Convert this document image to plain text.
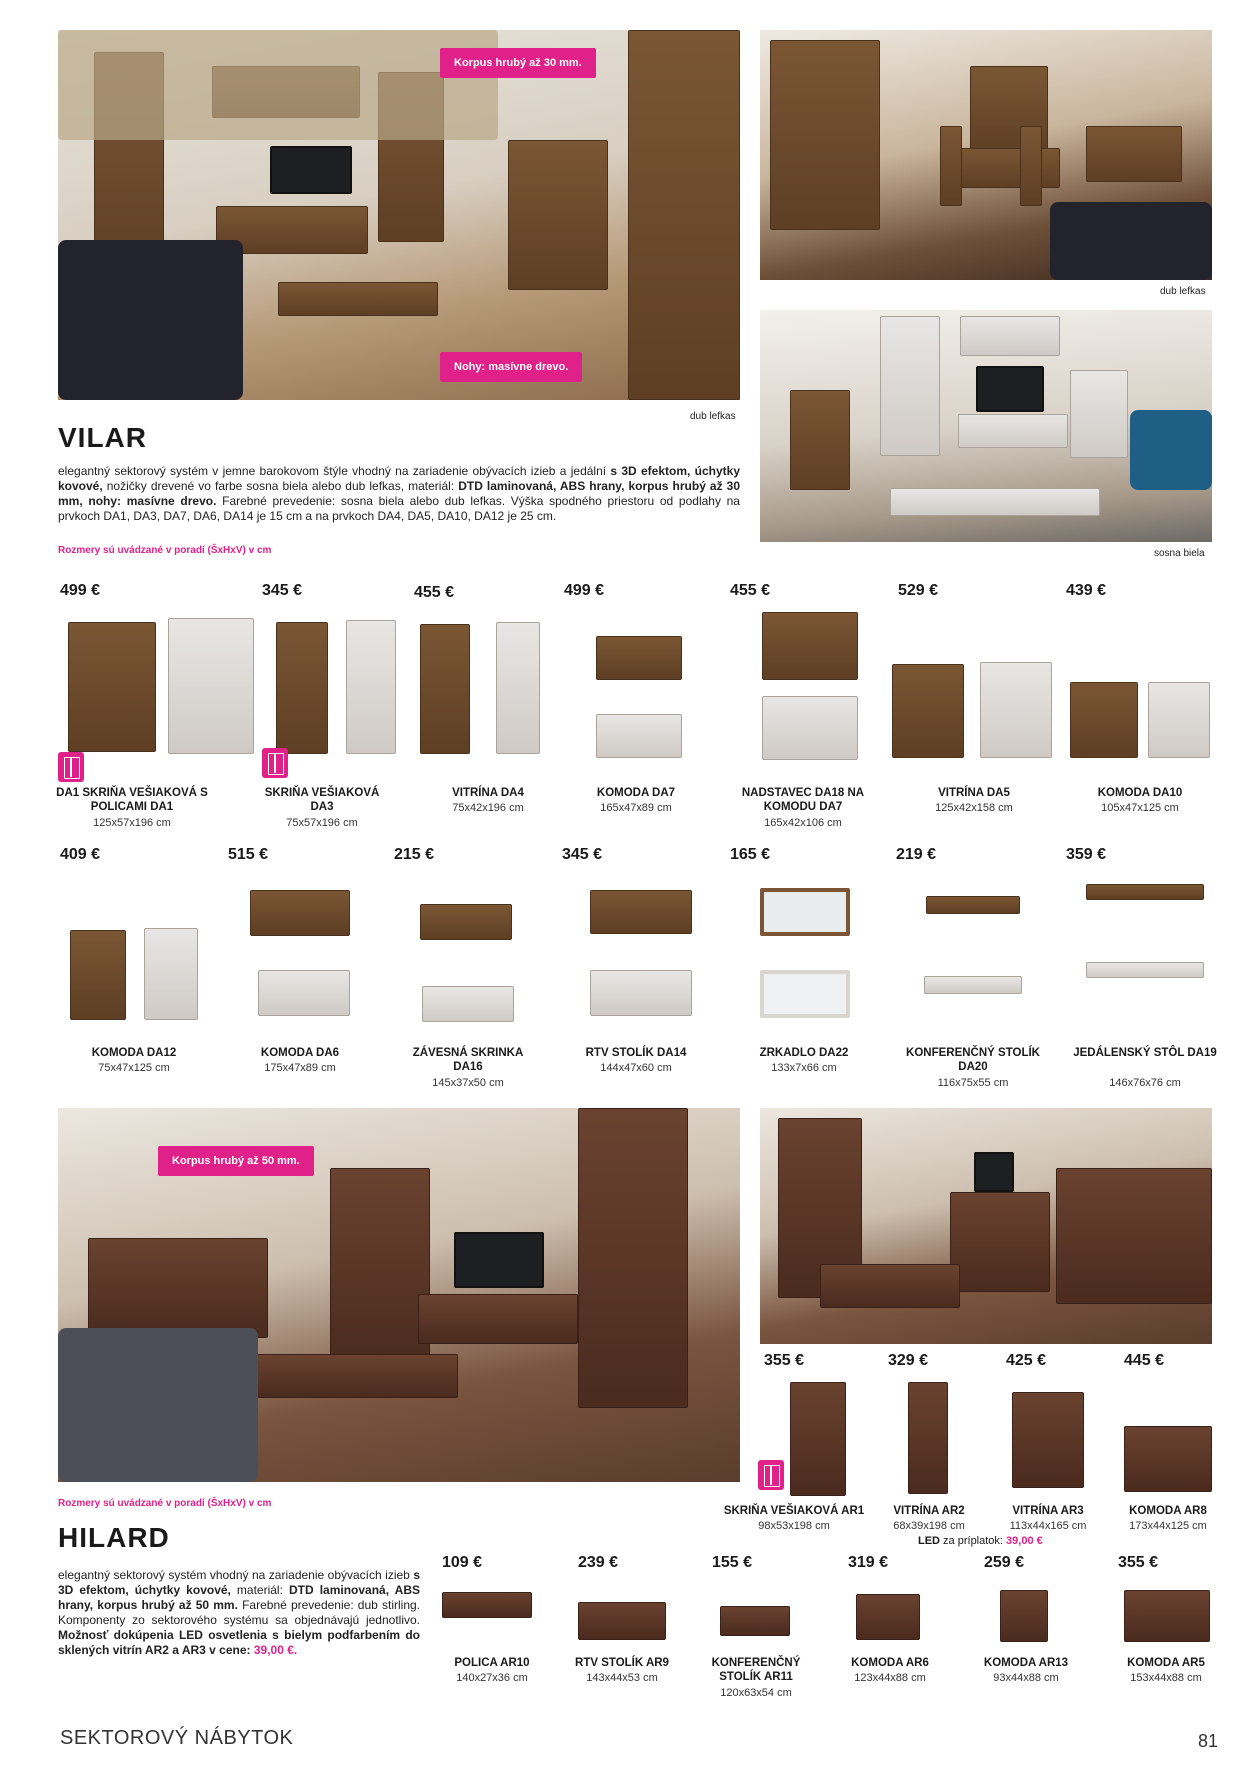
Korpus hrubý až 30 mm.
Nohy: masívne drevo.
dub lefkas
dub lefkas
sosna biela
VILAR
elegantný sektorový systém v jemne barokovom štýle vhodný na zariadenie obývacích izieb a jedální s 3D efektom, úchytky kovové, nožičky drevené vo farbe sosna biela alebo dub lefkas, materiál: DTD laminovaná, ABS hrany, korpus hrubý až 30 mm, nohy: masívne drevo. Farebné prevedenie: sosna biela alebo dub lefkas. Výška spodného priestoru od podlahy na prvkoch DA1, DA3, DA7, DA6, DA14 je 15 cm a na prvkoch DA4, DA5, DA10, DA12 je 25 cm.
Rozmery sú uvádzané v poradí (ŠxHxV) v cm
499 €
DA1 SKRIŇA VEŠIAKOVÁ S POLICAMI DA1
125x57x196 cm
345 €
SKRIŇA VEŠIAKOVÁ DA3
75x57x196 cm
455 €
VITRÍNA DA4
75x42x196 cm
499 €
KOMODA DA7
165x47x89 cm
455 €
NADSTAVEC DA18 NA KOMODU DA7
165x42x106 cm
529 €
VITRÍNA DA5
125x42x158 cm
439 €
KOMODA DA10
105x47x125 cm
409 €
KOMODA DA12
75x47x125 cm
515 €
KOMODA DA6
175x47x89 cm
215 €
ZÁVESNÁ SKRINKA DA16
145x37x50 cm
345 €
RTV STOLÍK DA14
144x47x60 cm
165 €
ZRKADLO DA22
133x7x66 cm
219 €
KONFERENČNÝ STOLÍK DA20
116x75x55 cm
359 €
JEDÁLENSKÝ STÔL DA19
146x76x76 cm
Korpus hrubý až 50 mm.
Rozmery sú uvádzané v poradí (ŠxHxV) v cm
HILARD
elegantný sektorový systém vhodný na zariadenie obývacích izieb s 3D efektom, úchytky kovové, materiál: DTD laminovaná, ABS hrany, korpus hrubý až 50 mm. Farebné prevedenie: dub stirling. Komponenty zo sektorového systému sa objednávajú jednotlivo. Možnosť dokúpenia LED osvetlenia s bielym podfarbením do sklených vitrín AR2 a AR3 v cene: 39,00 €.
355 €
SKRIŇA VEŠIAKOVÁ AR1
98x53x198 cm
329 €
VITRÍNA AR2
68x39x198 cm
425 €
VITRÍNA AR3
113x44x165 cm
445 €
KOMODA AR8
173x44x125 cm
LED za príplatok: 39,00 €
109 €
POLICA AR10
140x27x36 cm
239 €
RTV STOLÍK AR9
143x44x53 cm
155 €
KONFERENČNÝ STOLÍK AR11
120x63x54 cm
319 €
KOMODA AR6
123x44x88 cm
259 €
KOMODA AR13
93x44x88 cm
355 €
KOMODA AR5
153x44x88 cm
SEKTOROVÝ NÁBYTOK	81
